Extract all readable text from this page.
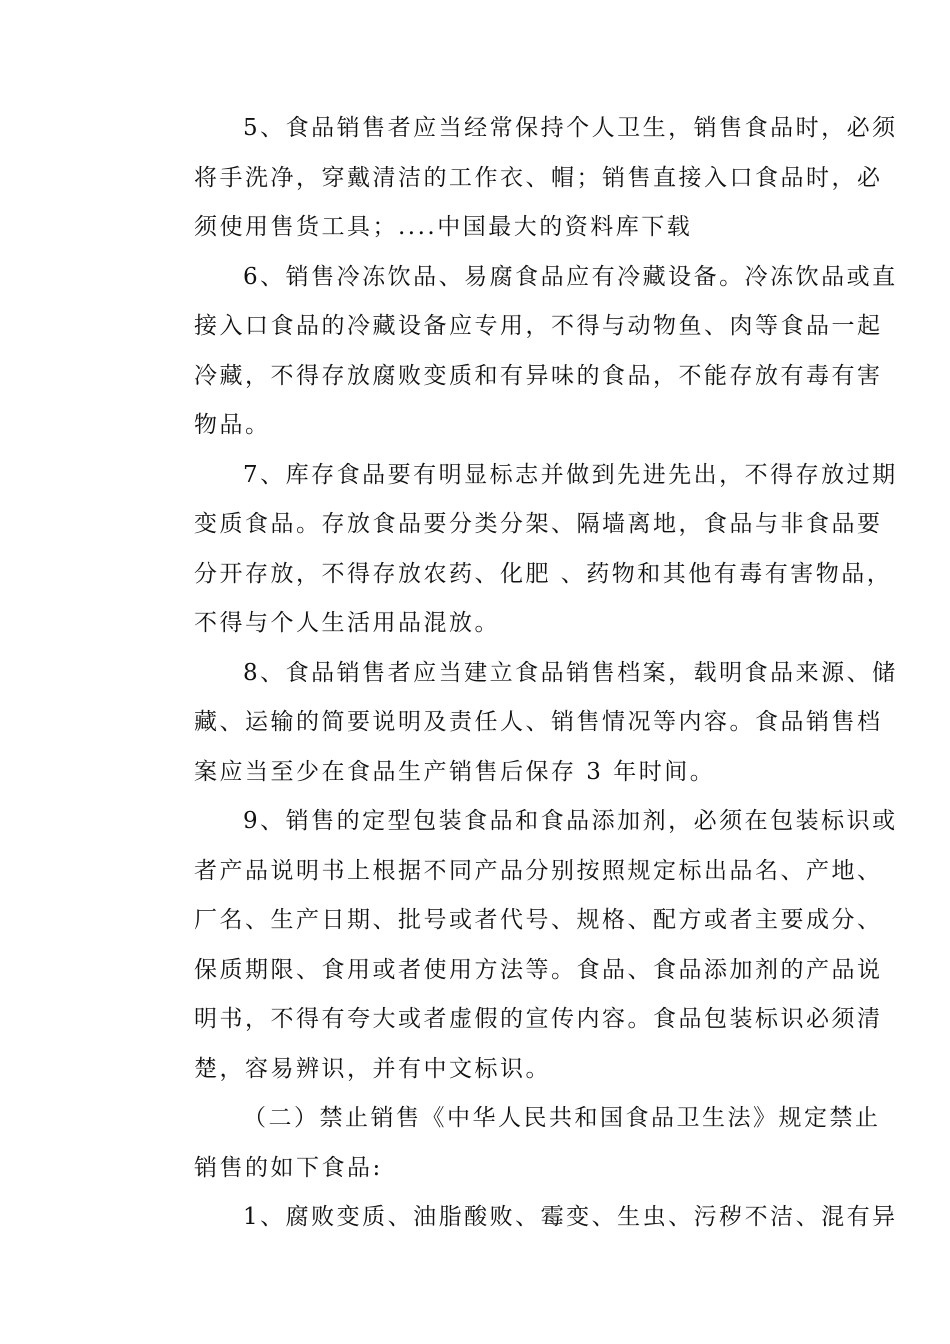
5、食品销售者应当经常保持个人卫生，销售食品时，必须
将手洗净，穿戴清洁的工作衣、帽；销售直接入口食品时，必
须使用售货工具；....中国最大的资料库下载
6、销售冷冻饮品、易腐食品应有冷藏设备。冷冻饮品或直
接入口食品的冷藏设备应专用，不得与动物鱼、肉等食品一起
冷藏，不得存放腐败变质和有异味的食品，不能存放有毒有害
物品。
7、库存食品要有明显标志并做到先进先出，不得存放过期
变质食品。存放食品要分类分架、隔墙离地，食品与非食品要
分开存放，不得存放农药、化肥 、药物和其他有毒有害物品，
不得与个人生活用品混放。
8、食品销售者应当建立食品销售档案，载明食品来源、储
藏、运输的简要说明及责任人、销售情况等内容。食品销售档
案应当至少在食品生产销售后保存 3 年时间。
9、销售的定型包装食品和食品添加剂，必须在包装标识或
者产品说明书上根据不同产品分别按照规定标出品名、产地、
厂名、生产日期、批号或者代号、规格、配方或者主要成分、
保质期限、食用或者使用方法等。食品、食品添加剂的产品说
明书，不得有夸大或者虚假的宣传内容。食品包装标识必须清
楚，容易辨识，并有中文标识。
（二）禁止销售《中华人民共和国食品卫生法》规定禁止
销售的如下食品:
1、腐败变质、油脂酸败、霉变、生虫、污秽不洁、混有异
